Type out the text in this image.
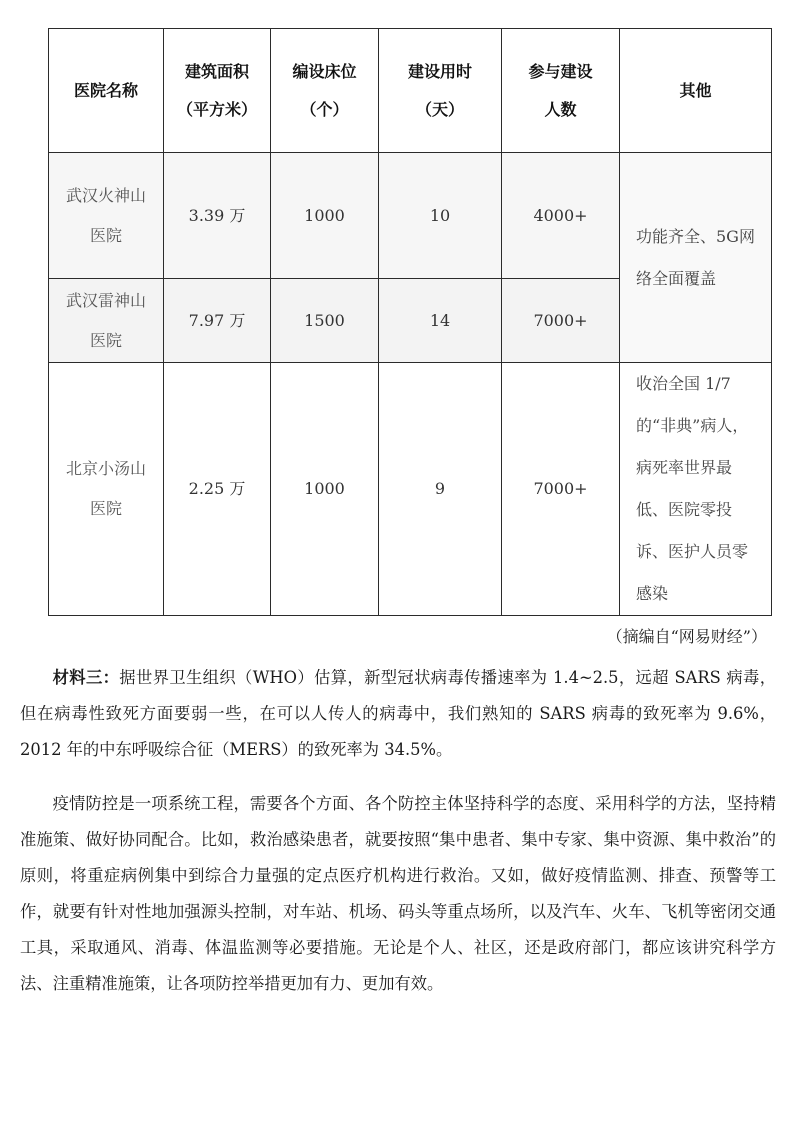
医院名称	建筑面积（平方米）	编设床位（个）	建设用时（天）	参与建设人数	其他
武汉火神山医院	3.39 万	1000	10	4000+	功能齐全、5G网络全面覆盖
武汉雷神山医院	7.97 万	1500	14	7000+	
北京小汤山医院	2.25 万	1000	9	7000+	收治全国 1/7 的“非典”病人，病死率世界最低、医院零投诉、医护人员零感染
（摘编自“网易财经”）

材料三：据世界卫生组织（WHO）估算，新型冠状病毒传播速率为 1.4~2.5，远超 SARS 病毒，但在病毒性致死方面要弱一些，在可以人传人的病毒中，我们熟知的 SARS 病毒的致死率为 9.6%，2012 年的中东呼吸综合征（MERS）的致死率为 34.5%。

疫情防控是一项系统工程，需要各个方面、各个防控主体坚持科学的态度、采用科学的方法，坚持精准施策、做好协同配合。比如，救治感染患者，就要按照“集中患者、集中专家、集中资源、集中救治”的原则，将重症病例集中到综合力量强的定点医疗机构进行救治。又如，做好疫情监测、排查、预警等工作，就要有针对性地加强源头控制，对车站、机场、码头等重点场所，以及汽车、火车、飞机等密闭交通工具，采取通风、消毒、体温监测等必要措施。无论是个人、社区，还是政府部门，都应该讲究科学方法、注重精准施策，让各项防控举措更加有力、更加有效。
